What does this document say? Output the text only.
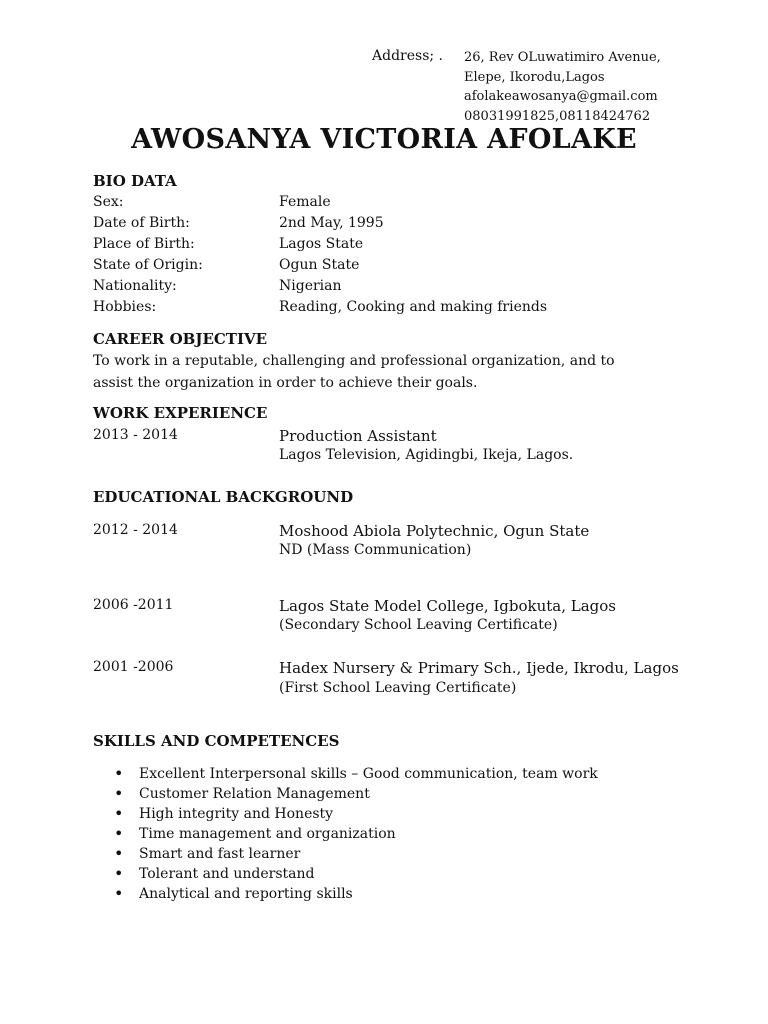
Address; . 26, Rev OLuwatimiro Avenue,
Elepe, Ikorodu,Lagos
afolakeawosanya@gmail.com
08031991825,08118424762
AWOSANYA VICTORIA AFOLAKE
BIO DATA
Sex:	Female
Date of Birth:	2nd May, 1995
Place of Birth:	Lagos State
State of Origin:	Ogun State
Nationality:	Nigerian
Hobbies:	Reading, Cooking and making friends
CAREER OBJECTIVE
To work in a reputable, challenging and professional organization, and to assist the organization in order to achieve their goals.
WORK EXPERIENCE
2013 - 2014	Production Assistant
Lagos Television, Agidingbi, Ikeja, Lagos.
EDUCATIONAL BACKGROUND
2012 - 2014	Moshood Abiola Polytechnic, Ogun State
ND (Mass Communication)
2006 -2011	Lagos State Model College, Igbokuta, Lagos
(Secondary School Leaving Certificate)
2001 -2006	Hadex Nursery & Primary Sch., Ijede, Ikrodu, Lagos
(First School Leaving Certificate)
SKILLS AND COMPETENCES
• Excellent Interpersonal skills – Good communication, team work
• Customer Relation Management
• High integrity and Honesty
• Time management and organization
• Smart and fast learner
• Tolerant and understand
• Analytical and reporting skills
